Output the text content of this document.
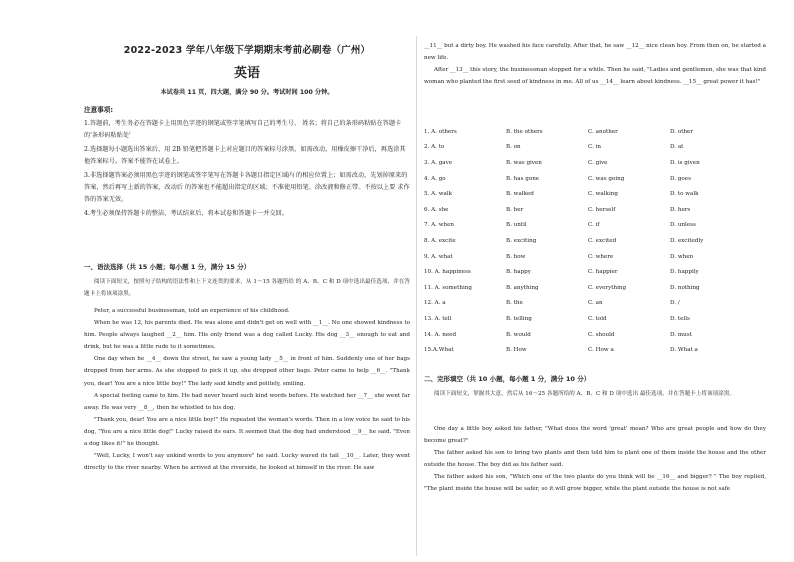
2022-2023 学年八年级下学期期末考前必刷卷（广州）
英语
本试卷共 11 页，四大题，满分 90 分。考试时间 100 分钟。
注意事项:

1.答题前，考生务必在答题卡上用黑色字迹的钢笔或签字笔填写自己的考生号、 姓名；将自己的条形码粘贴在答题卡的'条形码粘贴处'

2.选择题每小题选出答案后，用 2B 铅笔把答题卡上对应题目的答案标号涂黑，如需改动，用橡皮擦干净后，再选涂其他答案标号。答案不能答在试卷上。

3.非选择题答案必须用黑色字迹的钢笔或签字笔写在答题卡各题目指定区域内 的相应位置上；如需改动，先划掉原来的答案，然后再写上新的答案，改动后 的答案也不能超出指定的区域；不准使用铅笔、涂改液和修正带。不按以上要 求作答的答案无效。

4.考生必须保持答题卡的整洁，考试结束后，将本试卷和答题卡一并交回。

一、语法选择（共 15 小题；每小题 1 分，满分 15 分）

阅读下面短文，按照句子结构的语法性和上下文连贯的要求，从 1～15 各题所给 的 A、B、C 和 D 项中选出最佳选项，并在答题卡上将该项涂黑。

Peter, a successful businessman, told an experience of his childhood.

When he was 12, his parents died. He was alone and didn't get on well with __1__. No one showed kindness to him. People always laughed __2__ him. His only friend was a dog called Lucky. His dog __3__ enough to eat and drink, but he was a little rude to it sometimes.

One day when he __4__ down the street, he saw a young lady __5__ in front of him. Suddenly one of her bags dropped from her arms. As she stopped to pick it up, she dropped other bags. Peter came to help __6__. "Thank you, dear! You are a nice little boy!" The lady said kindly and politely, smiling.

A special feeling came to him. He had never heard such kind words before. He watched her __7__ she went far away. He was very __8__, then he whistled to his dog.

"Thank you, dear! You are a nice little boy!" He repeated the woman's words. Then in a low voice he said to his dog, "You are a nice little dog!" Lucky raised its ears. It seemed that the dog had understood __9__ he said. "Even a dog likes it!" he thought.

"Well, Lucky, I won't say unkind words to you anymore" he said. Lucky waved its tail __10__. Later, they went directly to the river nearby. When he arrived at the riverside, he looked at himself in the river. He saw

__11__ but a dirty boy. He washed his face carefully. After that, he saw __12__ nice clean boy. From then on, he started a new life.

After __13__ this story, the businessman stopped for a while. Then he said, "Ladies and gentlemen, she was that kind woman who planted the first seed of kindness in me. All of us __14__ learn about kindness. __15__ great power it has!"

1. A. others	B. the others	C. another	D. other
2. A. to	B. on	C. in	D. at
3. A. gave	B. was given	C. give	D. is given
4. A. go	B. has gone	C. was going	D. goes
5. A. walk	B. walked	C. walking	D. to walk
6. A. she	B. her	C. herself	D. hers
7. A. when	B. until	C. if	D. unless
8. A. excite	B. exciting	C. excited	D. excitedly
9. A. what	B. how	C. where	D. when
10. A. happiness	B. happy	C. happier	D. happily
11. A. something	B. anything	C. everything	D. nothing
12. A. a	B. the	C. an	D. /
13. A. tell	B. telling	C. told	D. tells
14. A. need	B. would	C. should	D. must
15.A.What	B. How	C. How a	D. What a
二、完形填空（共 10 小题，每小题 1 分，满分 10 分）

阅读下面短文，掌握其大意，然后从 16～25 各题所给的 A、B、C 和 D 项中选出 最佳选项，并在答题卡上将该项涂黑。

One day a little boy asked his father, "What does the word 'great' mean? Who are great people and how do they become great?"

The father asked his son to bring two plants and then told him to plant one of them inside the house and the other outside the house. The boy did as his father said.

The father asked his son, "Which one of the two plants do you think will be __16__ and bigger? " The boy replied, "The plant inside the house will be safer, so it will grow bigger, while the plant outside the house is not safe
